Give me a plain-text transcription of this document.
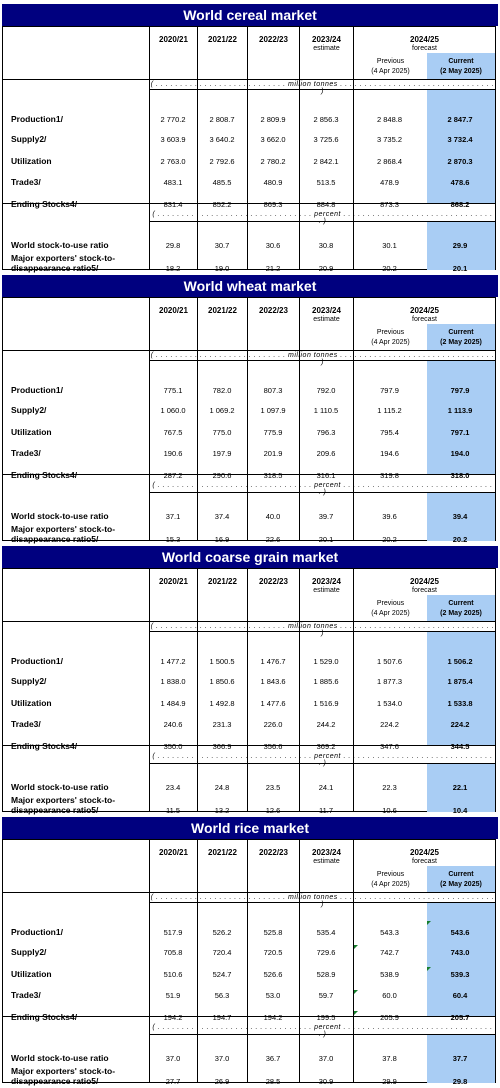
World cereal market
2020/21	2021/22	2022/23	2023/24
estimate
2024/25
forecast
Previous
(4 Apr 2025)
Current
(2 May 2025)
( . . . . . . . . . . . . . . . . . . . . . . . . . . . million tonnes . . . . . . . . . . . . . . . . . . . . . . . . . . . . . . . . )
( . . . . . . . . . . . . . . . . . . . . . . . . . . . . . . . . percent . . . . . . . . . . . . . . . . . . . . . . . . . . . . . . . . )
Production1/	2 770.2	2 808.7	2 809.9	2 856.3	2 848.8	2 847.7
Supply2/	3 603.9	3 640.2	3 662.0	3 725.6	3 735.2	3 732.4
Utilization	2 763.0	2 792.6	2 780.2	2 842.1	2 868.4	2 870.3
Trade3/	483.1	485.5	480.9	513.5	478.9	478.6
Ending Stocks4/	831.4	852.2	869.3	884.8	873.3	868.2
World stock-to-use ratio	29.8	30.7	30.6	30.8	30.1	29.9
Major exporters' stock-to-
disappearance ratio5/	18.2	19.0	21.2	20.9	20.2	20.1
World wheat market
2020/21	2021/22	2022/23	2023/24
estimate
2024/25
forecast
Previous
(4 Apr 2025)
Current
(2 May 2025)
( . . . . . . . . . . . . . . . . . . . . . . . . . . . million tonnes . . . . . . . . . . . . . . . . . . . . . . . . . . . . . . . . )
( . . . . . . . . . . . . . . . . . . . . . . . . . . . . . . . . percent . . . . . . . . . . . . . . . . . . . . . . . . . . . . . . . . )
Production1/	775.1	782.0	807.3	792.0	797.9	797.9
Supply2/	1 060.0	1 069.2	1 097.9	1 110.5	1 115.2	1 113.9
Utilization	767.5	775.0	775.9	796.3	795.4	797.1
Trade3/	190.6	197.9	201.9	209.6	194.6	194.0
Ending Stocks4/	287.2	290.6	318.5	316.1	319.8	318.0
World stock-to-use ratio	37.1	37.4	40.0	39.7	39.6	39.4
Major exporters' stock-to-
disappearance ratio5/	15.3	16.9	22.6	20.1	20.2	20.2
World coarse grain market
2020/21	2021/22	2022/23	2023/24
estimate
2024/25
forecast
Previous
(4 Apr 2025)
Current
(2 May 2025)
( . . . . . . . . . . . . . . . . . . . . . . . . . . . million tonnes . . . . . . . . . . . . . . . . . . . . . . . . . . . . . . . . )
( . . . . . . . . . . . . . . . . . . . . . . . . . . . . . . . . percent . . . . . . . . . . . . . . . . . . . . . . . . . . . . . . . . )
Production1/	1 477.2	1 500.5	1 476.7	1 529.0	1 507.6	1 506.2
Supply2/	1 838.0	1 850.6	1 843.6	1 885.6	1 877.3	1 875.4
Utilization	1 484.9	1 492.8	1 477.6	1 516.9	1 534.0	1 533.8
Trade3/	240.6	231.3	226.0	244.2	224.2	224.2
Ending Stocks4/	350.0	366.9	356.6	369.2	347.6	344.5
World stock-to-use ratio	23.4	24.8	23.5	24.1	22.3	22.1
Major exporters' stock-to-
disappearance ratio5/	11.5	13.2	12.6	11.7	10.6	10.4
World rice market
2020/21	2021/22	2022/23	2023/24
estimate
2024/25
forecast
Previous
(4 Apr 2025)
Current
(2 May 2025)
( . . . . . . . . . . . . . . . . . . . . . . . . . . . million tonnes . . . . . . . . . . . . . . . . . . . . . . . . . . . . . . . . )
( . . . . . . . . . . . . . . . . . . . . . . . . . . . . . . . . percent . . . . . . . . . . . . . . . . . . . . . . . . . . . . . . . . )
Production1/	517.9	526.2	525.8	535.4	543.3	543.6
Supply2/	705.8	720.4	720.5	729.6	742.7	743.0
Utilization	510.6	524.7	526.6	528.9	538.9	539.3
Trade3/	51.9	56.3	53.0	59.7	60.0	60.4
Ending Stocks4/	194.2	194.7	194.2	199.5	205.9	205.7
World stock-to-use ratio	37.0	37.0	36.7	37.0	37.8	37.7
Major exporters' stock-to-
disappearance ratio5/	27.7	26.9	28.5	30.9	29.9	29.8
